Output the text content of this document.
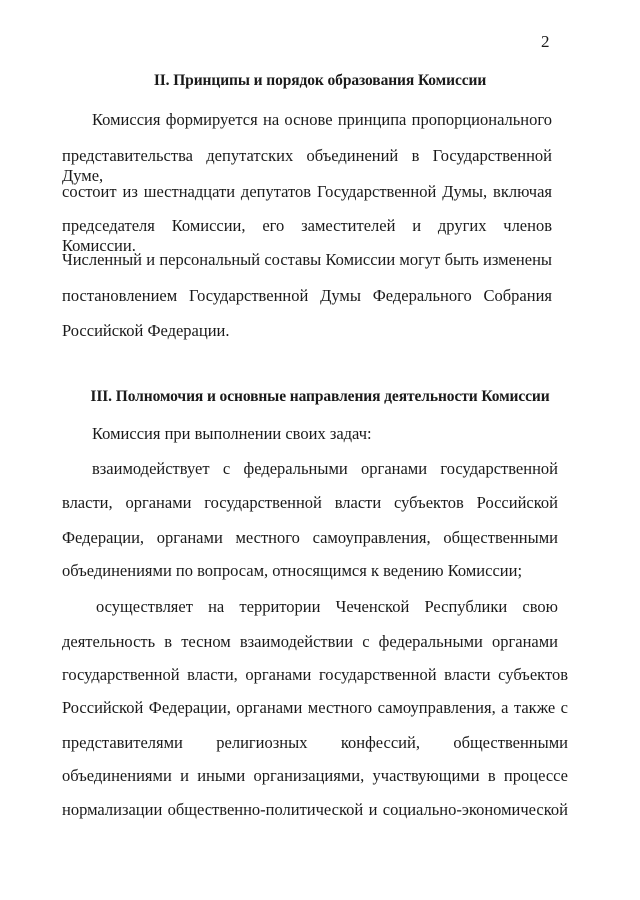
2
II. Принципы и порядок образования Комиссии
Комиссия формируется на основе принципа пропорционального
представительства депутатских объединений в Государственной Думе,
состоит из шестнадцати депутатов Государственной Думы, включая
председателя Комиссии, его заместителей и других членов Комиссии.
Численный и персональный составы Комиссии могут быть изменены
постановлением Государственной Думы Федерального Собрания
Российской Федерации.
III. Полномочия и основные направления деятельности Комиссии
Комиссия при выполнении своих задач:
взаимодействует с федеральными органами государственной
власти, органами государственной власти субъектов Российской
Федерации, органами местного самоуправления, общественными
объединениями по вопросам, относящимся к ведению Комиссии;
осуществляет на территории Чеченской Республики свою
деятельность в тесном взаимодействии с федеральными органами
государственной власти, органами государственной власти субъектов
Российской Федерации, органами местного самоуправления, а также с
представителями религиозных конфессий, общественными
объединениями и иными организациями, участвующими в процессе
нормализации общественно-политической и социально-экономической
